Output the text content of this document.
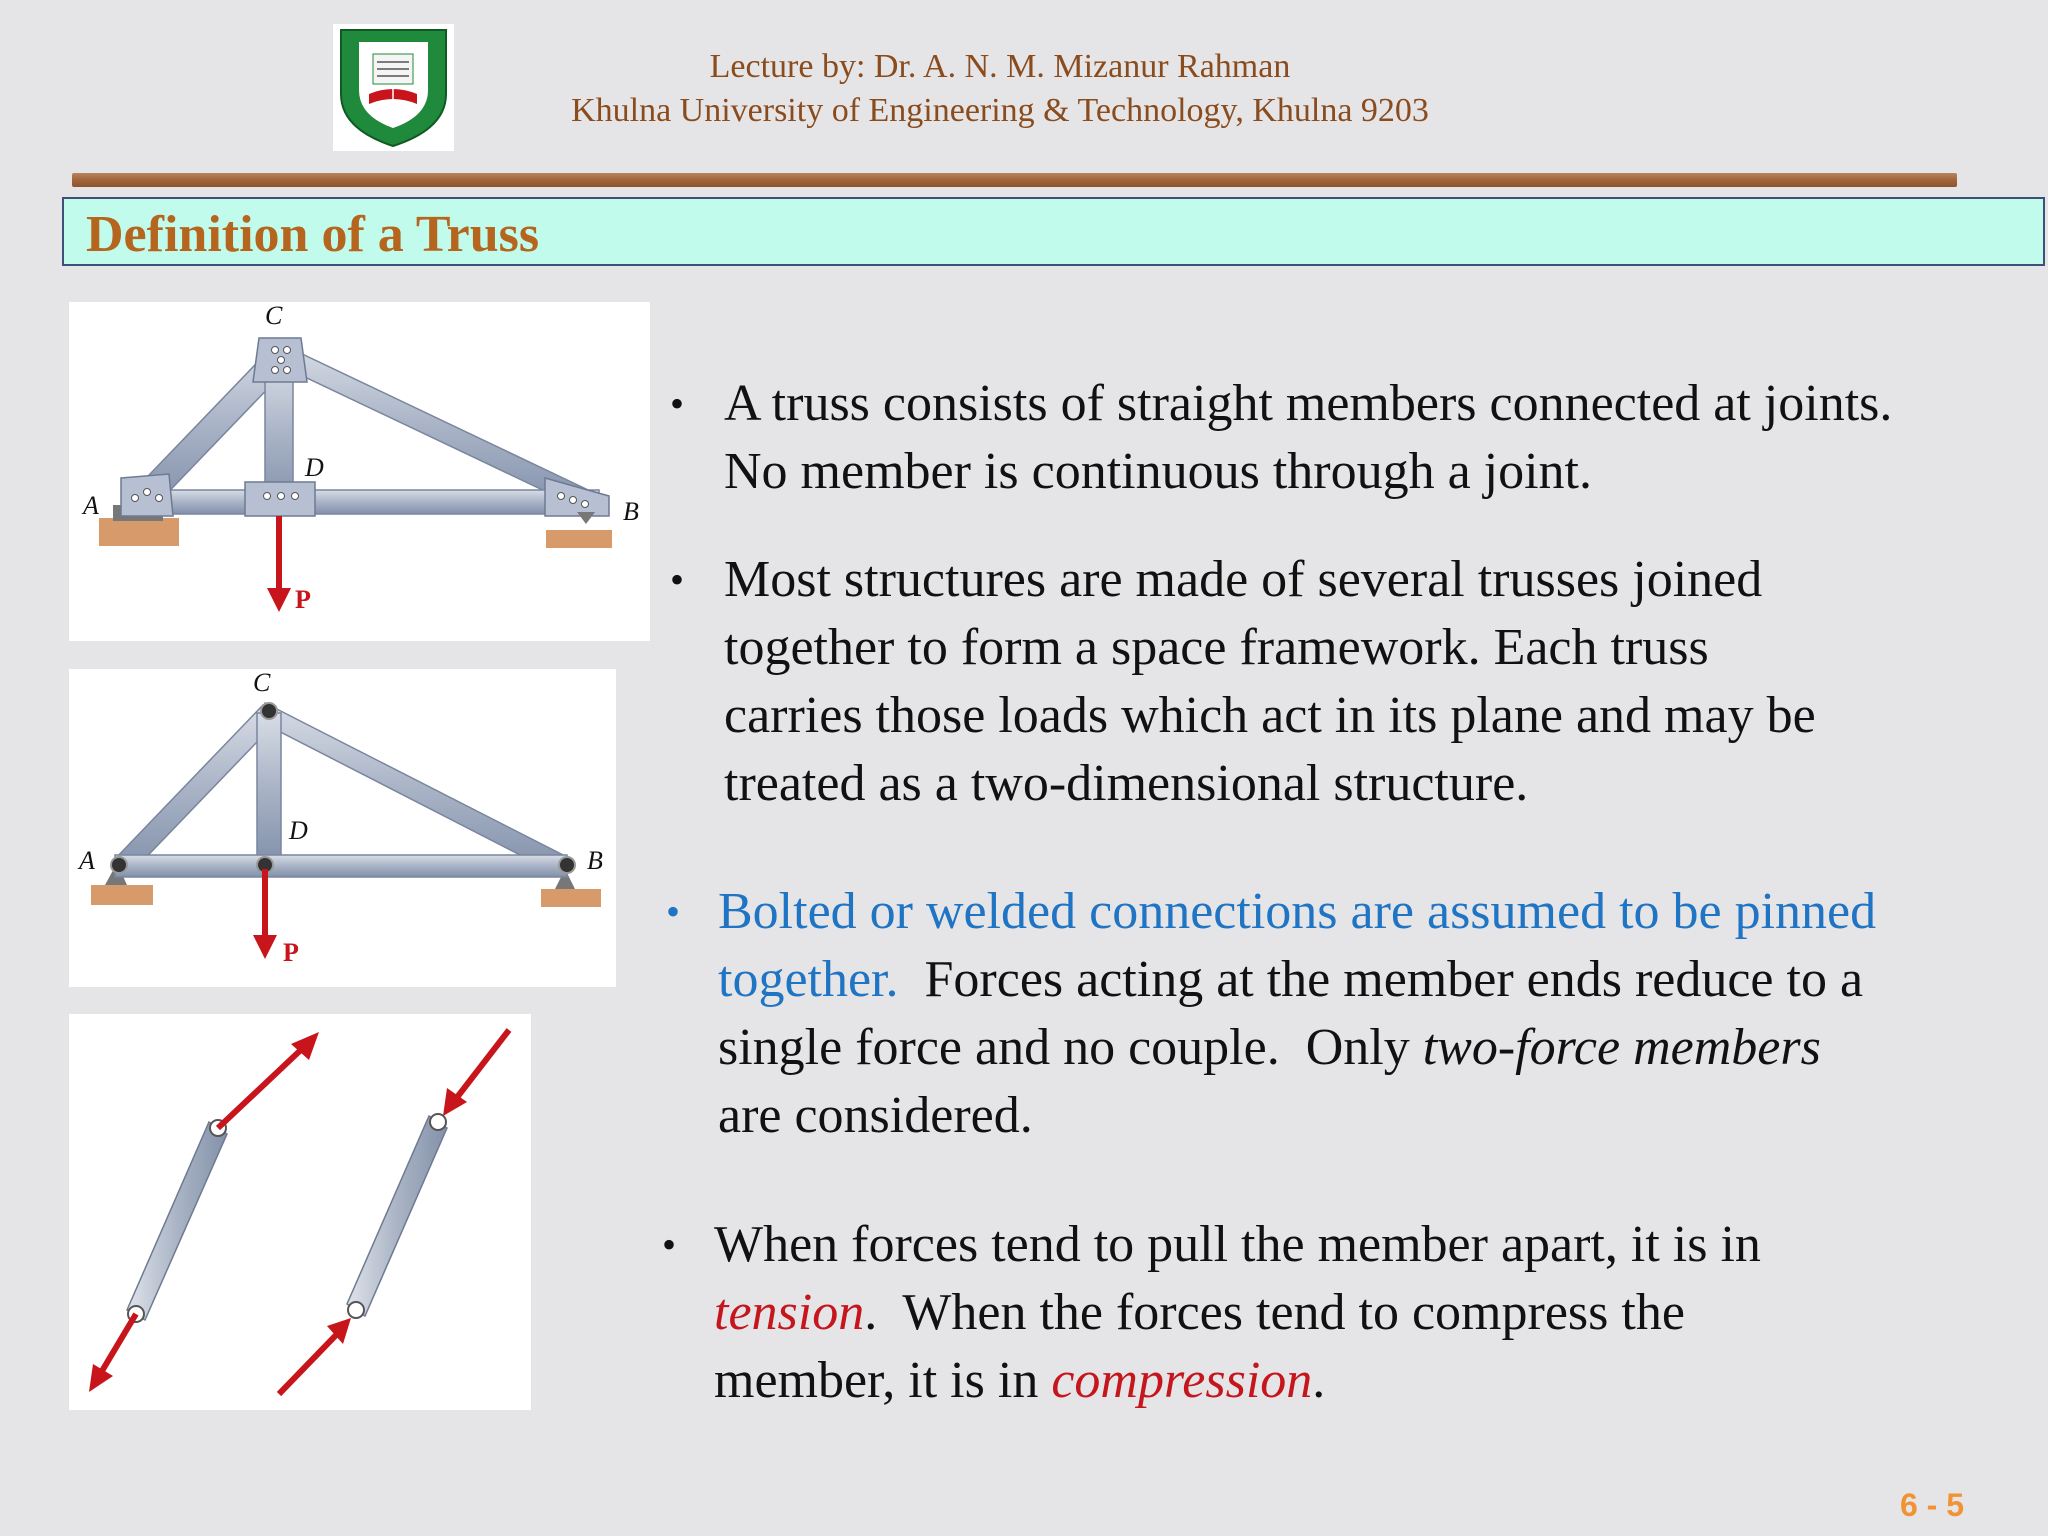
Lecture by: Dr. A. N. M. Mizanur Rahman
Khulna University of Engineering & Technology, Khulna 9203
Definition of a Truss
C
D
A	B
P
C
D
A	B
P
• A truss consists of straight members connected at joints.
No member is continuous through a joint.
• Most structures are made of several trusses joined
together to form a space framework. Each truss
carries those loads which act in its plane and may be
treated as a two-dimensional structure.
• Bolted or welded connections are assumed to be pinned
together.  Forces acting at the member ends reduce to a
single force and no couple.  Only two-force members
are considered.
• When forces tend to pull the member apart, it is in
tension.  When the forces tend to compress the
member, it is in compression.
6 - 5
